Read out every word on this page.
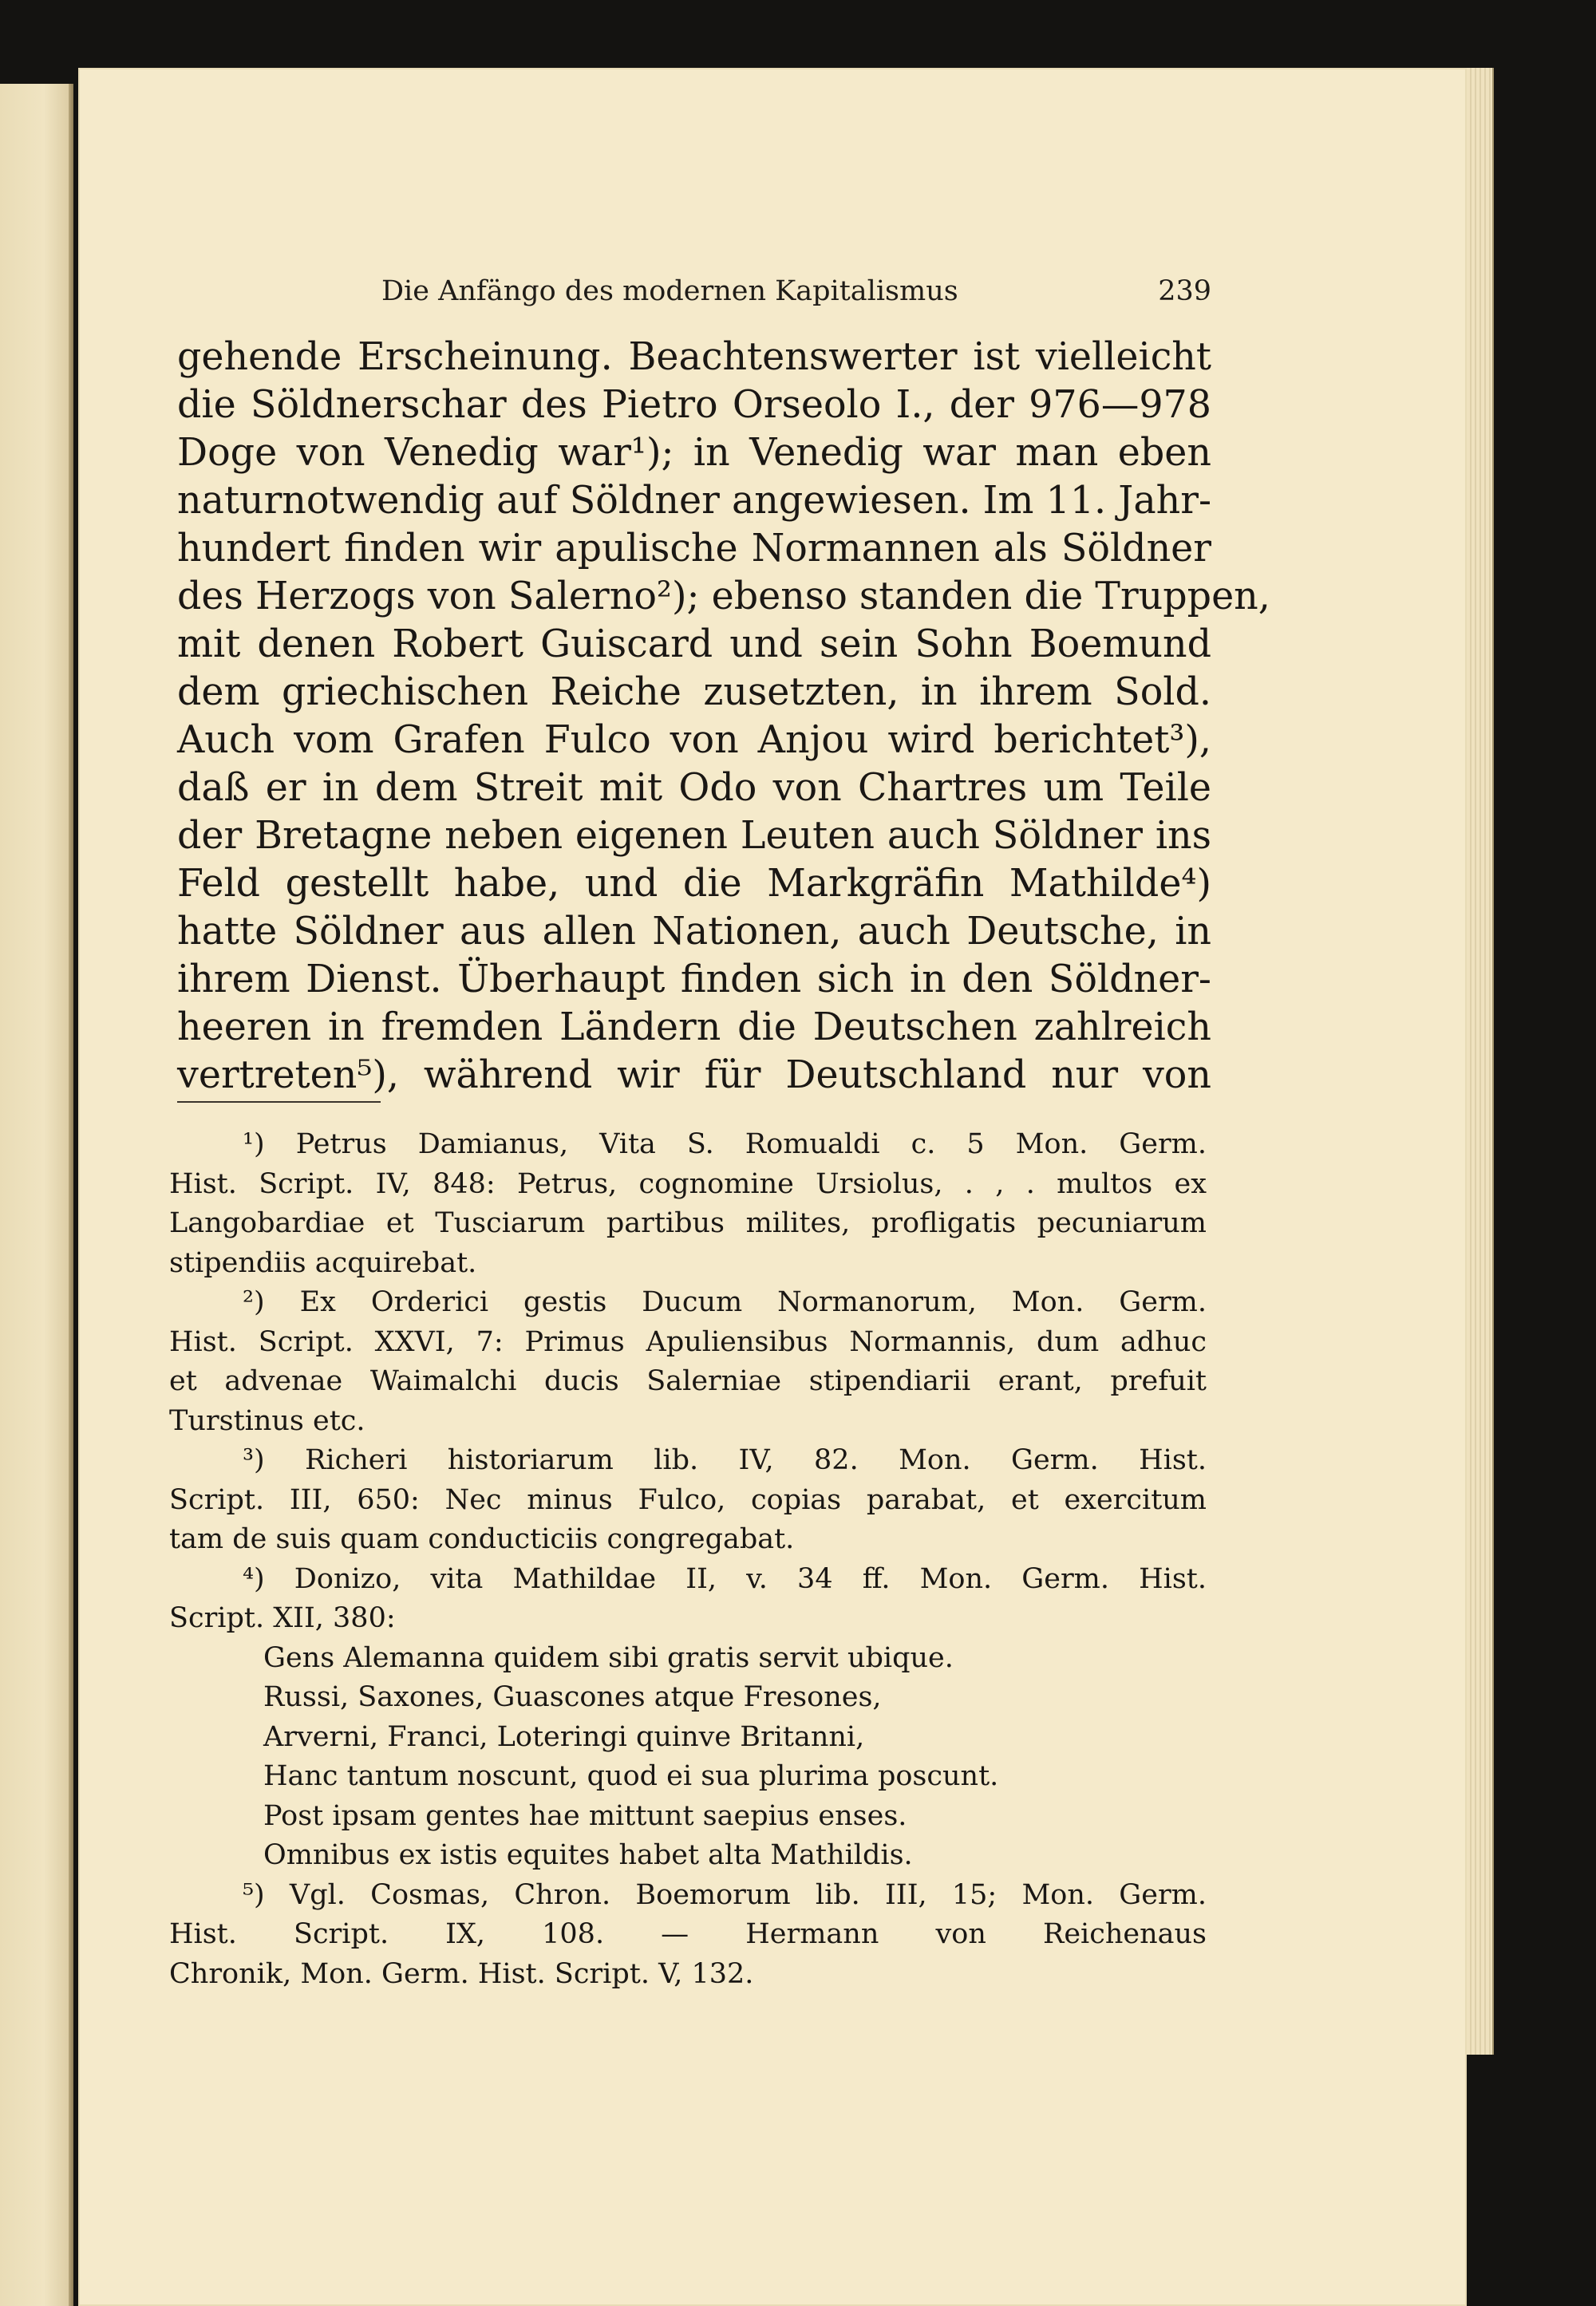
Die Anfängo des modernen Kapitalismus	239
gehende Erscheinung. Beachtenswerter ist vielleicht
die Söldnerschar des Pietro Orseolo I., der 976—978
Doge von Venedig war¹); in Venedig war man eben
naturnotwendig auf Söldner angewiesen. Im 11. Jahr-
hundert finden wir apulische Normannen als Söldner
des Herzogs von Salerno²); ebenso standen die Truppen,
mit denen Robert Guiscard und sein Sohn Boemund
dem griechischen Reiche zusetzten, in ihrem Sold.
Auch vom Grafen Fulco von Anjou wird berichtet³),
daß er in dem Streit mit Odo von Chartres um Teile
der Bretagne neben eigenen Leuten auch Söldner ins
Feld gestellt habe, und die Markgräfin Mathilde⁴)
hatte Söldner aus allen Nationen, auch Deutsche, in
ihrem Dienst. Überhaupt finden sich in den Söldner-
heeren in fremden Ländern die Deutschen zahlreich
vertreten⁵), während wir für Deutschland nur von
¹) Petrus Damianus, Vita S. Romualdi c. 5 Mon. Germ.
Hist. Script. IV, 848: Petrus, cognomine Ursiolus, . , . multos ex
Langobardiae et Tusciarum partibus milites, profligatis pecuniarum
stipendiis acquirebat.
²) Ex Orderici gestis Ducum Normanorum, Mon. Germ.
Hist. Script. XXVI, 7: Primus Apuliensibus Normannis, dum adhuc
et advenae Waimalchi ducis Salerniae stipendiarii erant, prefuit
Turstinus etc.
³) Richeri historiarum lib. IV, 82. Mon. Germ. Hist.
Script. III, 650: Nec minus Fulco, copias parabat, et exercitum
tam de suis quam conducticiis congregabat.
⁴) Donizo, vita Mathildae II, v. 34 ff. Mon. Germ. Hist.
Script. XII, 380:
Gens Alemanna quidem sibi gratis servit ubique.
Russi, Saxones, Guascones atque Fresones,
Arverni, Franci, Loteringi quinve Britanni,
Hanc tantum noscunt, quod ei sua plurima poscunt.
Post ipsam gentes hae mittunt saepius enses.
Omnibus ex istis equites habet alta Mathildis.
⁵) Vgl. Cosmas, Chron. Boemorum lib. III, 15; Mon. Germ.
Hist. Script. IX, 108. — Hermann von Reichenaus
Chronik, Mon. Germ. Hist. Script. V, 132.
